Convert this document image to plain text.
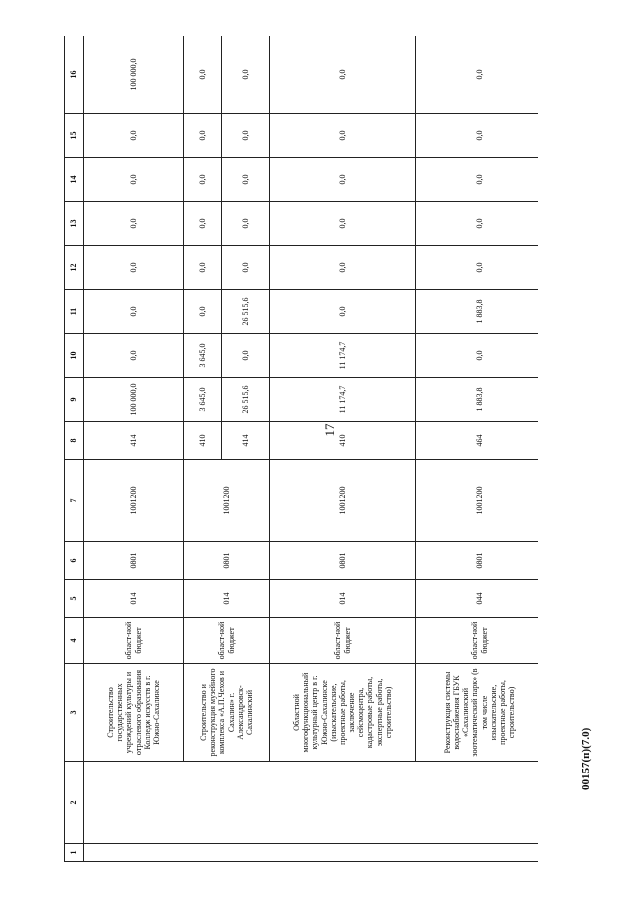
17
1	2	3	4	5	6	7	8	9	10	11	12	13	14	15	16
		Строительство государственных учреждений культуры и отраслевого образования Колледж искусств в г. Южно-Сахалинске	област-ной бюджет	014	0801	1001200	414	100 000,0	0,0	0,0	0,0	0,0	0,0	0,0	100 000,0
		Строительство и реконструкция музейного комплекса «А.П.Чехов и Сахалин» г. Александровск-Сахалинский	област-ной бюджет	014	0801	1001200	410	3 645,0	3 645,0	0,0	0,0	0,0	0,0	0,0	0,0
							414	26 515,6	0,0	26 515,6	0,0	0,0	0,0	0,0	0,0
		Областной многофункциональный культурный центр в г. Южно-Сахалинске (изыскательские, проектные работы, заключение сейсмоцентра, кадастровые работы, экспертные работы, строительство)	област-ной бюджет	014	0801	1001200	410	11 174,7	11 174,7	0,0	0,0	0,0	0,0	0,0	0,0
		Реконструкция системы водоснабжения ГБУК «Сахалинский зоотематический парк» (в том числе изыскательские, проектные работы, строительство)	област-ной бюджет	044	0801	1001200	464	1 883,8	0,0	1 883,8	0,0	0,0	0,0	0,0	0,0
00157(п)(7.0)
